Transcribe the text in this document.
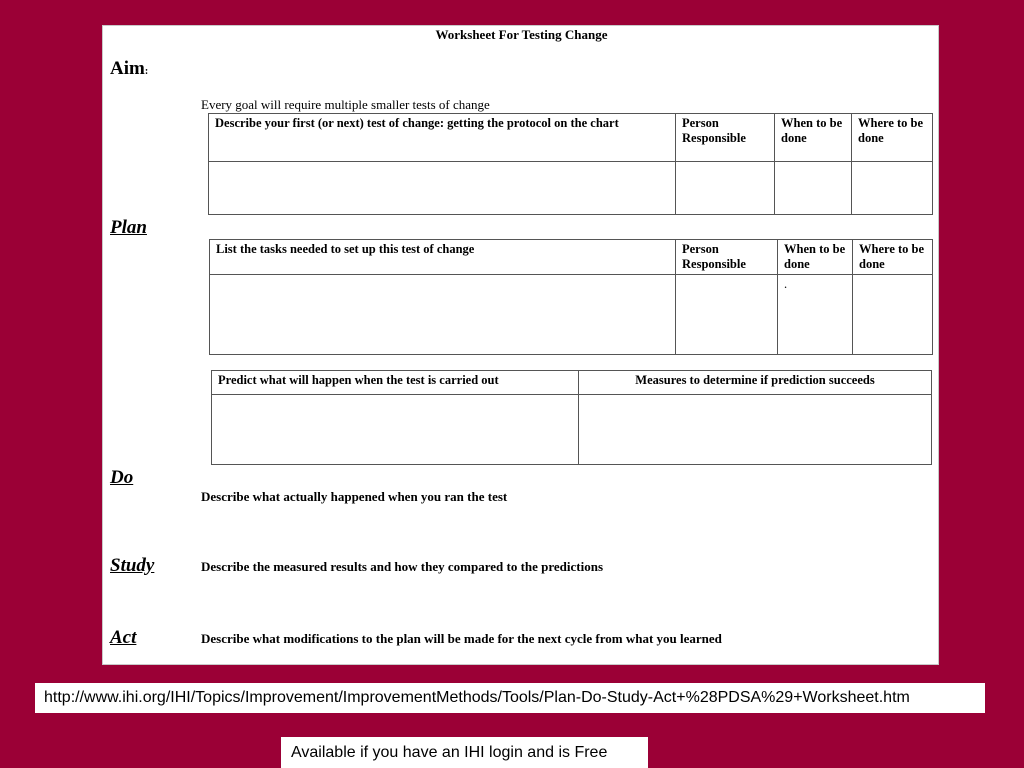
Worksheet For Testing Change
Aim:
Every goal will require multiple smaller tests of change
Describe your first (or next) test of change: getting the protocol on the chart	Person Responsible	When to be done	Where to be done

Plan
List the tasks needed to set up this test of change	Person Responsible	When to be done	Where to be done
		.	
Predict what will happen when the test is carried out	Measures to determine if prediction succeeds

Do
Describe what actually happened when you ran the test
Study	Describe the measured results and how they compared to the predictions
Act	Describe what modifications to the plan will be made for the next cycle from what you learned
http://www.ihi.org/IHI/Topics/Improvement/ImprovementMethods/Tools/Plan-Do-Study-Act+%28PDSA%29+Worksheet.htm
Available if you have an IHI login and is Free
